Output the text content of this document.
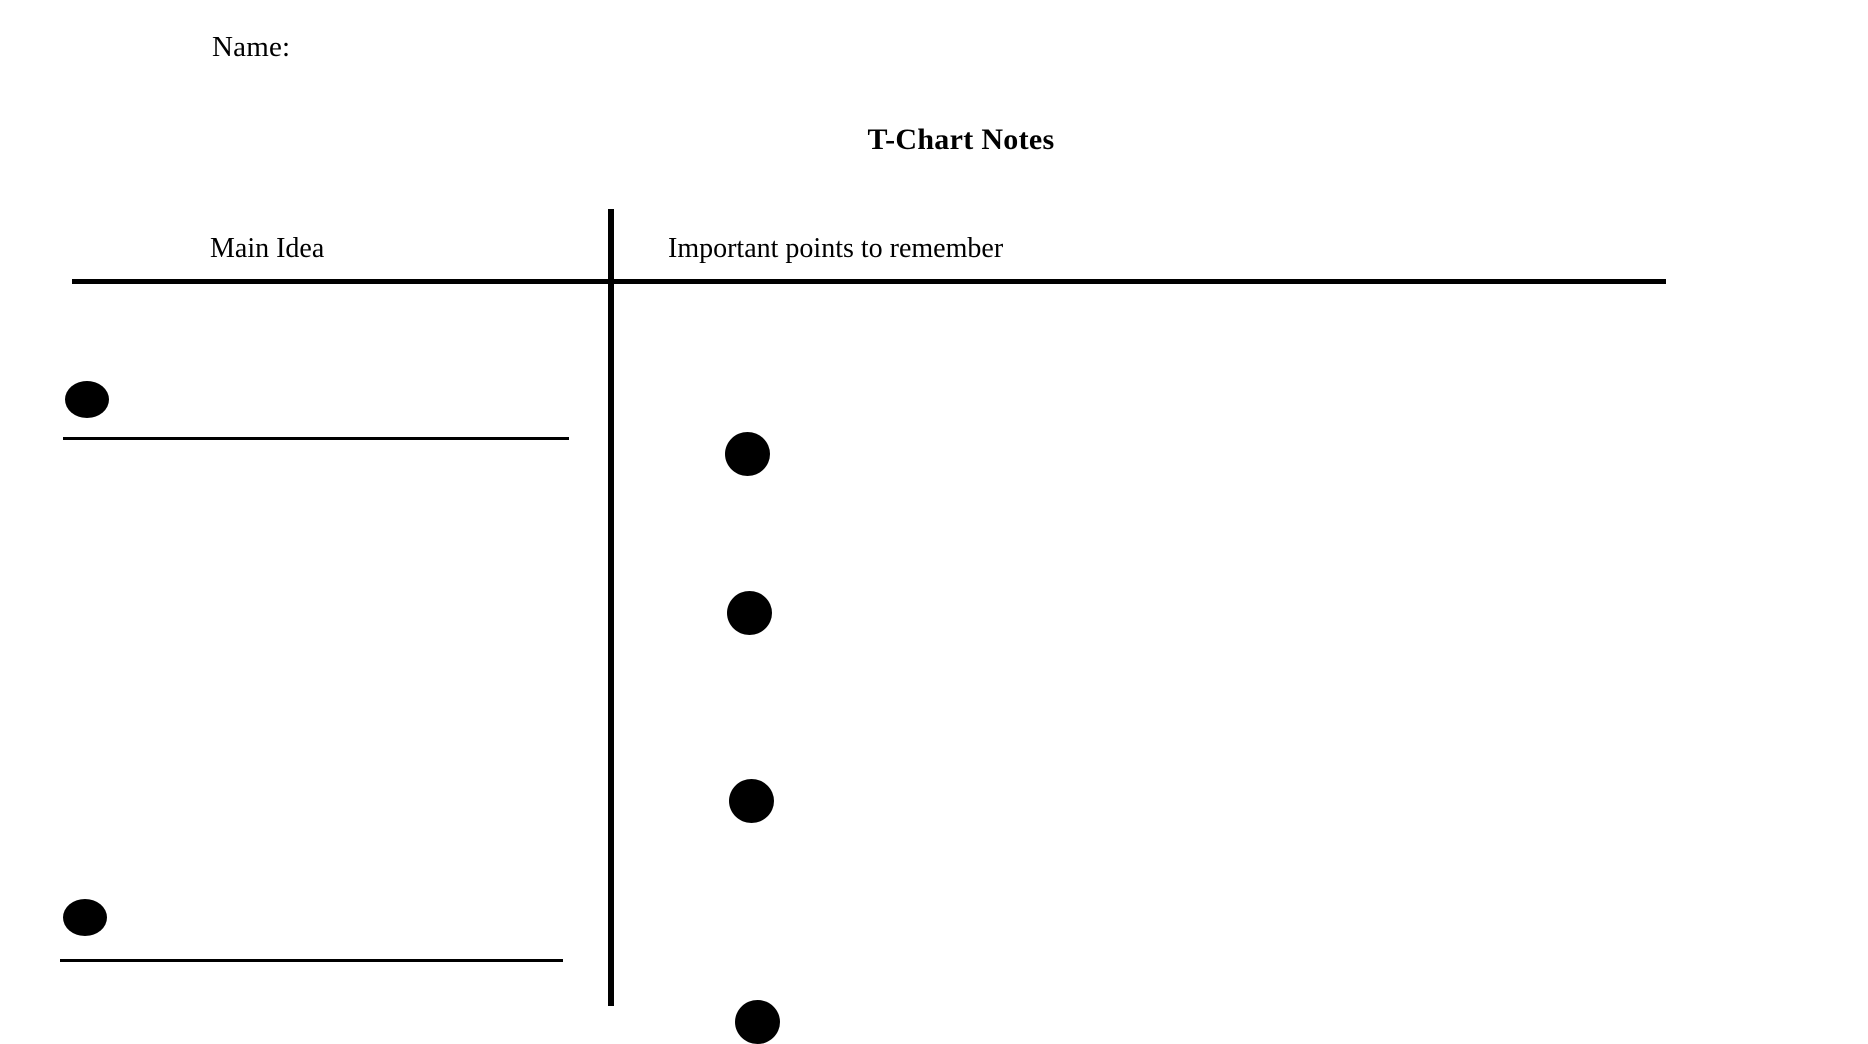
Name:
T-Chart Notes
Main Idea	Important points to remember
